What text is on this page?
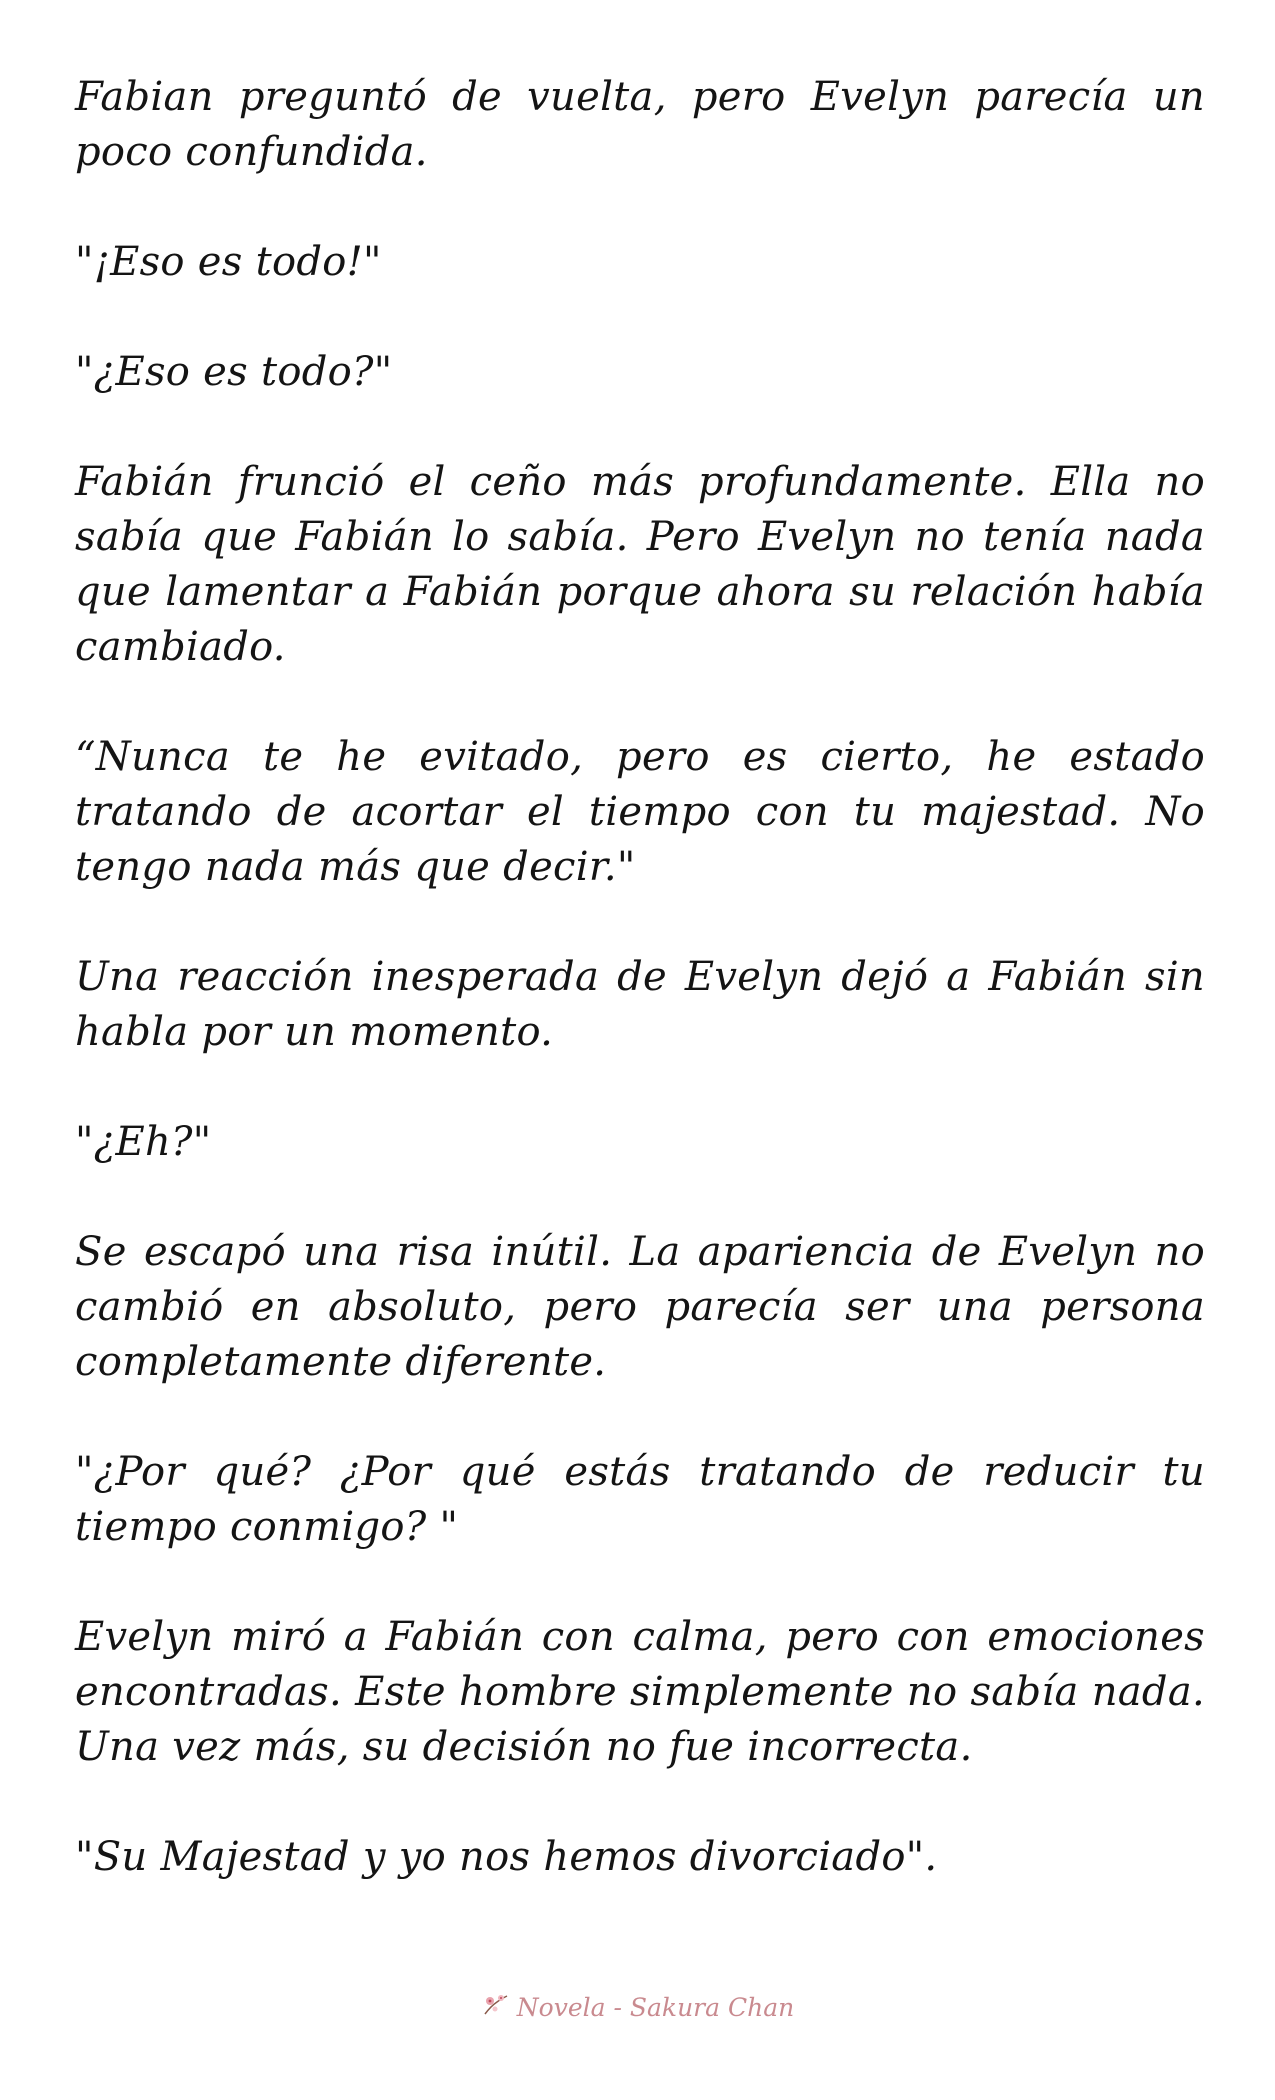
Fabian preguntó de vuelta, pero Evelyn parecía un poco confundida.

"¡Eso es todo!"

"¿Eso es todo?"

Fabián frunció el ceño más profundamente. Ella no sabía que Fabián lo sabía. Pero Evelyn no tenía nada que lamentar a Fabián porque ahora su relación había cambiado.

“Nunca te he evitado, pero es cierto, he estado tratando de acortar el tiempo con tu majestad. No tengo nada más que decir."

Una reacción inesperada de Evelyn dejó a Fabián sin habla por un momento.

"¿Eh?"

Se escapó una risa inútil. La apariencia de Evelyn no cambió en absoluto, pero parecía ser una persona completamente diferente.

"¿Por qué? ¿Por qué estás tratando de reducir tu tiempo conmigo? "

Evelyn miró a Fabián con calma, pero con emociones encontradas. Este hombre simplemente no sabía nada. Una vez más, su decisión no fue incorrecta.

"Su Majestad y yo nos hemos divorciado".

Novela - Sakura Chan
